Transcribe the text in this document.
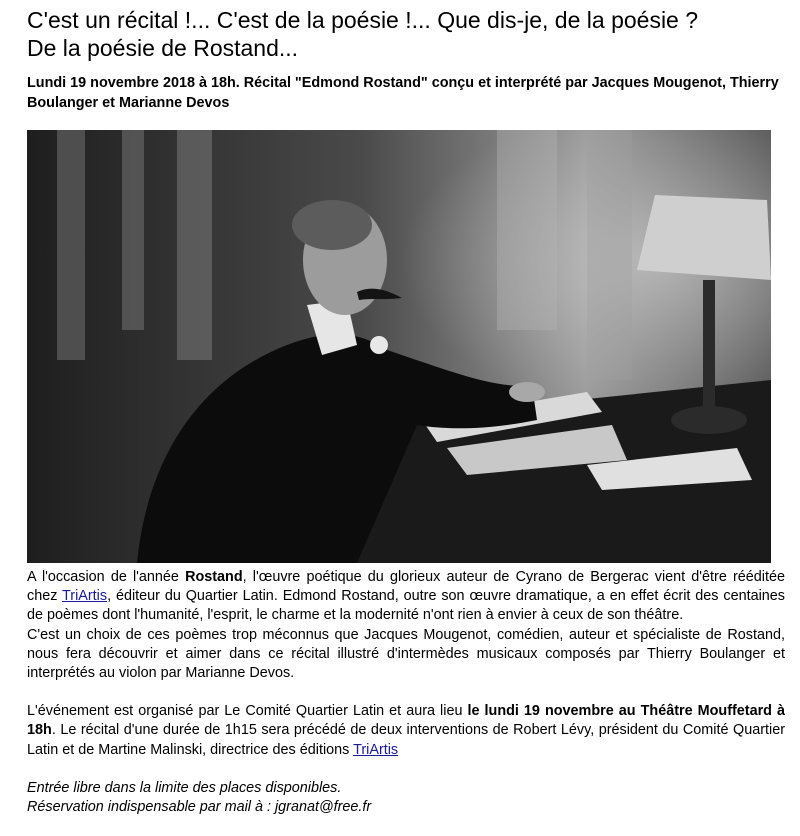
C'est un récital !... C'est de la poésie !... Que dis-je, de la poésie ?
De la poésie de Rostand...

Lundi 19 novembre 2018 à 18h. Récital "Edmond Rostand" conçu et interprété par Jacques Mougenot, Thierry Boulanger et Marianne Devos

A l'occasion de l'année Rostand, l'œuvre poétique du glorieux auteur de Cyrano de Bergerac vient d'être rééditée chez TriArtis, éditeur du Quartier Latin. Edmond Rostand, outre son œuvre dramatique, a en effet écrit des centaines de poèmes dont l'humanité, l'esprit, le charme et la modernité n'ont rien à envier à ceux de son théâtre.

C'est un choix de ces poèmes trop méconnus que Jacques Mougenot, comédien, auteur et spécialiste de Rostand, nous fera découvrir et aimer dans ce récital illustré d'intermèdes musicaux composés par Thierry Boulanger et interprétés au violon par Marianne Devos.

L'événement est organisé par Le Comité Quartier Latin et aura lieu le lundi 19 novembre au Théâtre Mouffetard à 18h. Le récital d'une durée de 1h15 sera précédé de deux interventions de Robert Lévy, président du Comité Quartier Latin et de Martine Malinski, directrice des éditions TriArtis

Entrée libre dans la limite des places disponibles.
Réservation indispensable par mail à : jgranat@free.fr
